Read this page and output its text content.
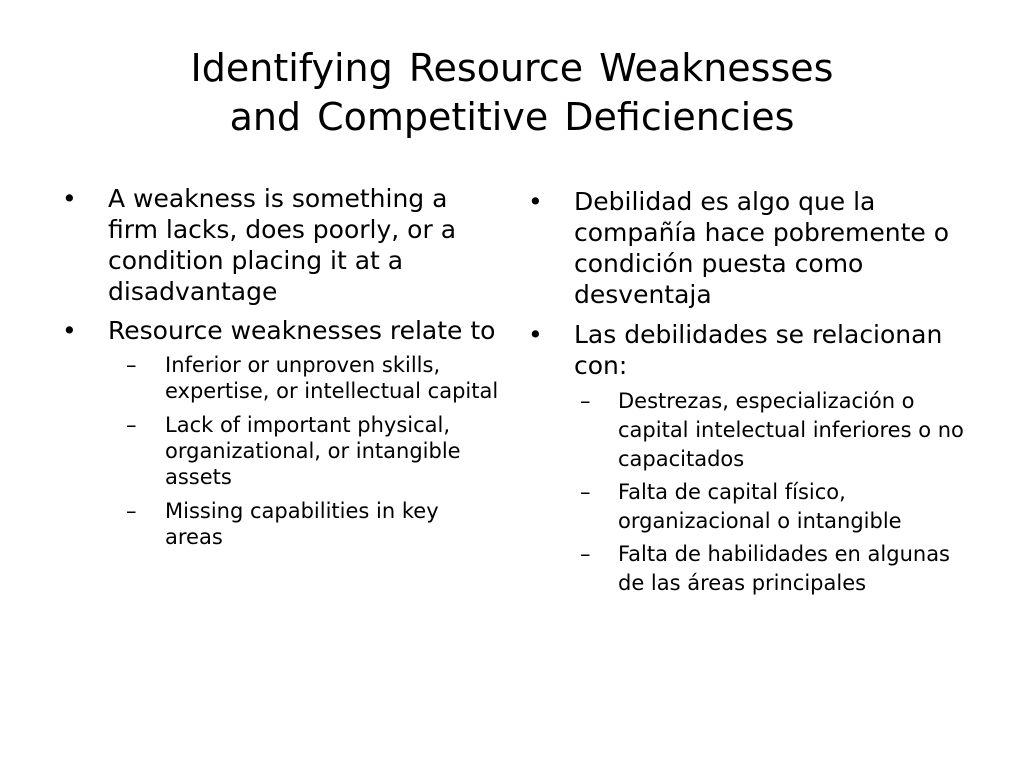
Identifying Resource Weaknesses
and Competitive Deficiencies
• A weakness is something a firm lacks, does poorly, or a condition placing it at a disadvantage
• Resource weaknesses relate to
– Inferior or unproven skills, expertise, or intellectual capital
– Lack of important physical, organizational, or intangible assets
– Missing capabilities in key areas
• Debilidad es algo que la compañía hace pobremente o condición puesta como desventaja
• Las debilidades se relacionan con:
– Destrezas, especialización o capital intelectual inferiores o no capacitados
– Falta de capital físico, organizacional o intangible
– Falta de habilidades en algunas de las áreas principales
